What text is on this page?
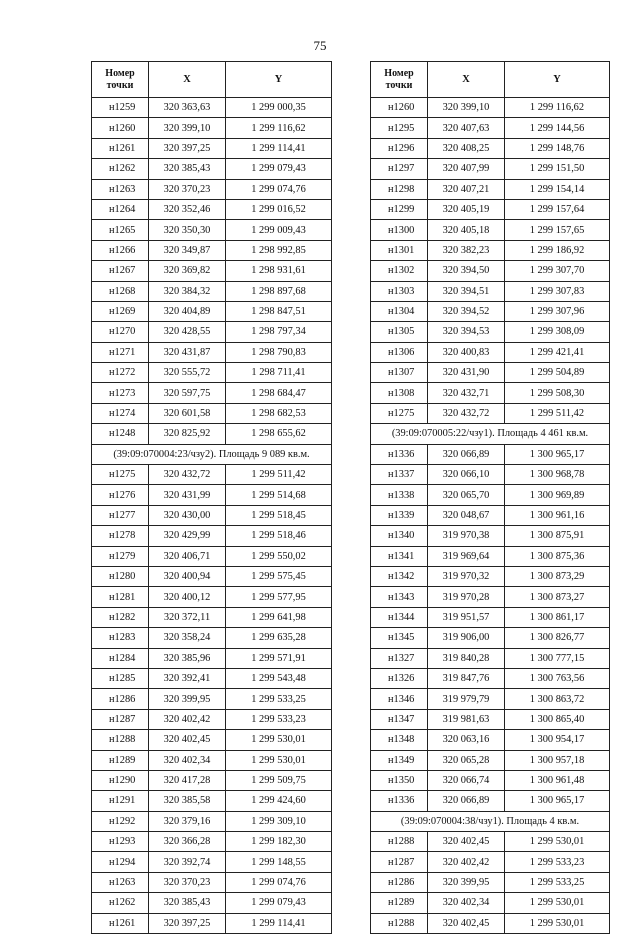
75
Номер
точки	X	Y
н1259	320 363,63	1 299 000,35
н1260	320 399,10	1 299 116,62
н1261	320 397,25	1 299 114,41
н1262	320 385,43	1 299 079,43
н1263	320 370,23	1 299 074,76
н1264	320 352,46	1 299 016,52
н1265	320 350,30	1 299 009,43
н1266	320 349,87	1 298 992,85
н1267	320 369,82	1 298 931,61
н1268	320 384,32	1 298 897,68
н1269	320 404,89	1 298 847,51
н1270	320 428,55	1 298 797,34
н1271	320 431,87	1 298 790,83
н1272	320 555,72	1 298 711,41
н1273	320 597,75	1 298 684,47
н1274	320 601,58	1 298 682,53
н1248	320 825,92	1 298 655,62
(39:09:070004:23/чзу2). Площадь 9 089 кв.м.		
н1275	320 432,72	1 299 511,42
н1276	320 431,99	1 299 514,68
н1277	320 430,00	1 299 518,45
н1278	320 429,99	1 299 518,46
н1279	320 406,71	1 299 550,02
н1280	320 400,94	1 299 575,45
н1281	320 400,12	1 299 577,95
н1282	320 372,11	1 299 641,98
н1283	320 358,24	1 299 635,28
н1284	320 385,96	1 299 571,91
н1285	320 392,41	1 299 543,48
н1286	320 399,95	1 299 533,25
н1287	320 402,42	1 299 533,23
н1288	320 402,45	1 299 530,01
н1289	320 402,34	1 299 530,01
н1290	320 417,28	1 299 509,75
н1291	320 385,58	1 299 424,60
н1292	320 379,16	1 299 309,10
н1293	320 366,28	1 299 182,30
н1294	320 392,74	1 299 148,55
н1263	320 370,23	1 299 074,76
н1262	320 385,43	1 299 079,43
н1261	320 397,25	1 299 114,41
Номер
точки	X	Y
н1260	320 399,10	1 299 116,62
н1295	320 407,63	1 299 144,56
н1296	320 408,25	1 299 148,76
н1297	320 407,99	1 299 151,50
н1298	320 407,21	1 299 154,14
н1299	320 405,19	1 299 157,64
н1300	320 405,18	1 299 157,65
н1301	320 382,23	1 299 186,92
н1302	320 394,50	1 299 307,70
н1303	320 394,51	1 299 307,83
н1304	320 394,52	1 299 307,96
н1305	320 394,53	1 299 308,09
н1306	320 400,83	1 299 421,41
н1307	320 431,90	1 299 504,89
н1308	320 432,71	1 299 508,30
н1275	320 432,72	1 299 511,42
(39:09:070005:22/чзу1). Площадь 4 461 кв.м.		
н1336	320 066,89	1 300 965,17
н1337	320 066,10	1 300 968,78
н1338	320 065,70	1 300 969,89
н1339	320 048,67	1 300 961,16
н1340	319 970,38	1 300 875,91
н1341	319 969,64	1 300 875,36
н1342	319 970,32	1 300 873,29
н1343	319 970,28	1 300 873,27
н1344	319 951,57	1 300 861,17
н1345	319 906,00	1 300 826,77
н1327	319 840,28	1 300 777,15
н1326	319 847,76	1 300 763,56
н1346	319 979,79	1 300 863,72
н1347	319 981,63	1 300 865,40
н1348	320 063,16	1 300 954,17
н1349	320 065,28	1 300 957,18
н1350	320 066,74	1 300 961,48
н1336	320 066,89	1 300 965,17
(39:09:070004:38/чзу1). Площадь 4 кв.м.		
н1288	320 402,45	1 299 530,01
н1287	320 402,42	1 299 533,23
н1286	320 399,95	1 299 533,25
н1289	320 402,34	1 299 530,01
н1288	320 402,45	1 299 530,01
